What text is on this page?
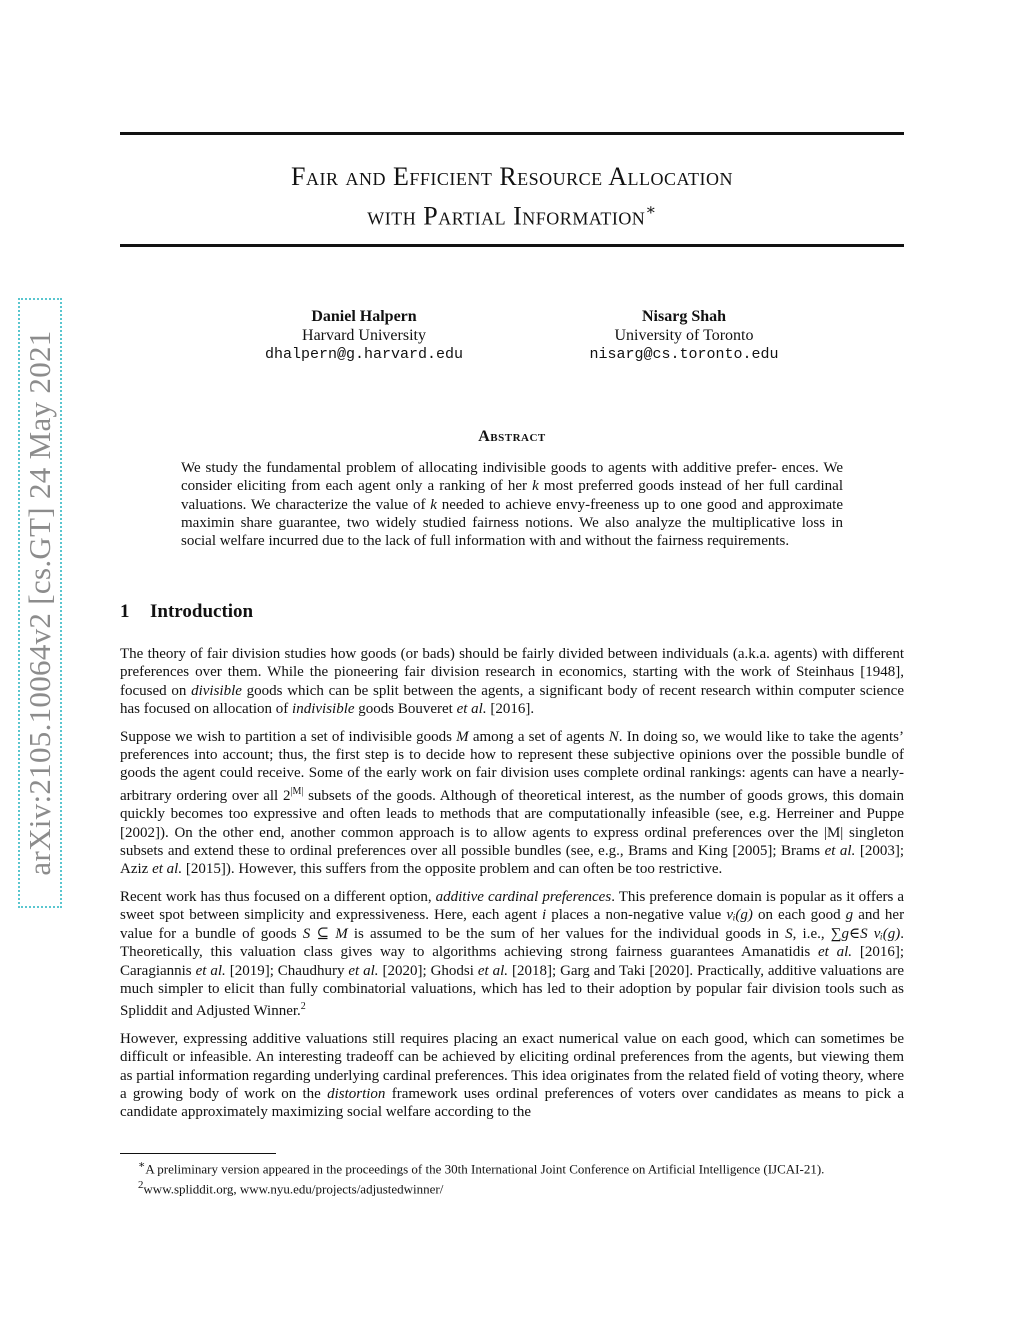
arXiv:2105.10064v2 [cs.GT] 24 May 2021
Fair and Efficient Resource Allocation
with Partial Information∗
Daniel Halpern
Harvard University
dhalpern@g.harvard.edu
Nisarg Shah
University of Toronto
nisarg@cs.toronto.edu
Abstract
We study the fundamental problem of allocating indivisible goods to agents with additive prefer- ences. We consider eliciting from each agent only a ranking of her k most preferred goods instead of her full cardinal valuations. We characterize the value of k needed to achieve envy-freeness up to one good and approximate maximin share guarantee, two widely studied fairness notions. We also analyze the multiplicative loss in social welfare incurred due to the lack of full information with and without the fairness requirements.
1 Introduction

The theory of fair division studies how goods (or bads) should be fairly divided between individuals (a.k.a. agents) with different preferences over them. While the pioneering fair division research in economics, starting with the work of Steinhaus [1948], focused on divisible goods which can be split between the agents, a significant body of recent research within computer science has focused on allocation of indivisible goods Bouveret et al. [2016].

Suppose we wish to partition a set of indivisible goods M among a set of agents N. In doing so, we would like to take the agents’ preferences into account; thus, the first step is to decide how to represent these subjective opinions over the possible bundle of goods the agent could receive. Some of the early work on fair division uses complete ordinal rankings: agents can have a nearly-arbitrary ordering over all $2^{|M|}$ subsets of the goods. Although of theoretical interest, as the number of goods grows, this domain quickly becomes too expressive and often leads to methods that are computationally infeasible (see, e.g. Herreiner and Puppe [2002]). On the other end, another common approach is to allow agents to express ordinal preferences over the |M| singleton subsets and extend these to ordinal preferences over all possible bundles (see, e.g., Brams and King [2005]; Brams et al. [2003]; Aziz et al. [2015]). However, this suffers from the opposite problem and can often be too restrictive.

Recent work has thus focused on a different option, additive cardinal preferences. This preference domain is popular as it offers a sweet spot between simplicity and expressiveness. Here, each agent i places a non-negative value vᵢ(g) on each good g and her value for a bundle of goods S ⊆ M is assumed to be the sum of her values for the individual goods in S, i.e., ∑g∈S vᵢ(g). Theoretically, this valuation class gives way to algorithms achieving strong fairness guarantees Amanatidis et al. [2016]; Caragiannis et al. [2019]; Chaudhury et al. [2020]; Ghodsi et al. [2018]; Garg and Taki [2020]. Practically, additive valuations are much simpler to elicit than fully combinatorial valuations, which has led to their adoption by popular fair division tools such as Spliddit and Adjusted Winner.$^2$

However, expressing additive valuations still requires placing an exact numerical value on each good, which can sometimes be difficult or infeasible. An interesting tradeoff can be achieved by eliciting ordinal preferences from the agents, but viewing them as partial information regarding underlying cardinal preferences. This idea originates from the related field of voting theory, where a growing body of work on the distortion framework uses ordinal preferences of voters over candidates as means to pick a candidate approximately maximizing social welfare according to the

∗A preliminary version appeared in the proceedings of the 30th International Joint Conference on Artificial Intelligence (IJCAI-21).

$^2$www.spliddit.org, www.nyu.edu/projects/adjustedwinner/
